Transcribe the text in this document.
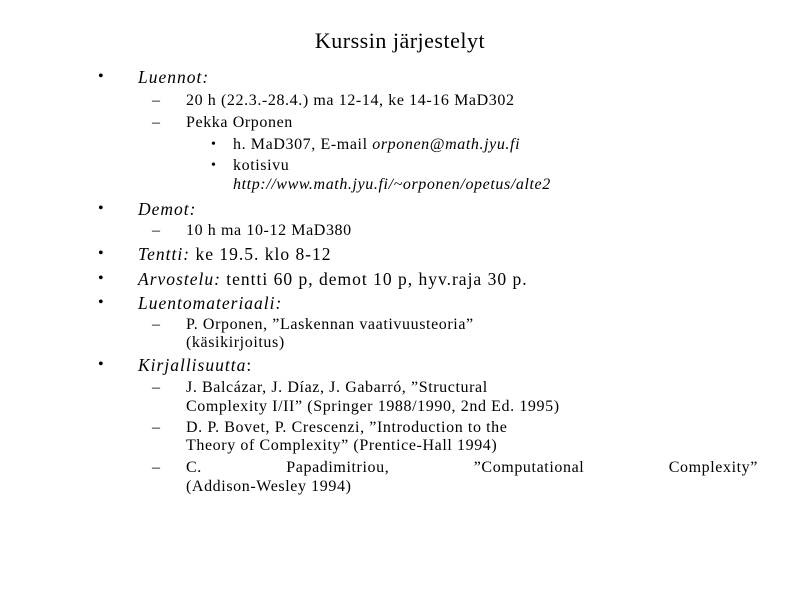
Kurssin järjestelyt
• Luennot:
– 20 h (22.3.-28.4.) ma 12-14, ke 14-16 MaD302
– Pekka Orponen
• h. MaD307, E-mail orponen@math.jyu.fi
• kotisivu
http://www.math.jyu.fi/~orponen/opetus/alte2
• Demot:
– 10 h ma 10-12 MaD380
• Tentti: ke 19.5. klo 8-12
• Arvostelu: tentti 60 p, demot 10 p, hyv.raja 30 p.
• Luentomateriaali:
– P. Orponen, ”Laskennan vaativuusteoria”
(käsikirjoitus)
• Kirjallisuutta:
– J. Balcázar, J. Díaz, J. Gabarró, ”Structural
Complexity I/II” (Springer 1988/1990, 2nd Ed. 1995)
– D. P. Bovet, P. Crescenzi, ”Introduction to the
Theory of Complexity” (Prentice-Hall 1994)
– C.	Papadimitriou,	”Computational	Complexity”
(Addison-Wesley 1994)
